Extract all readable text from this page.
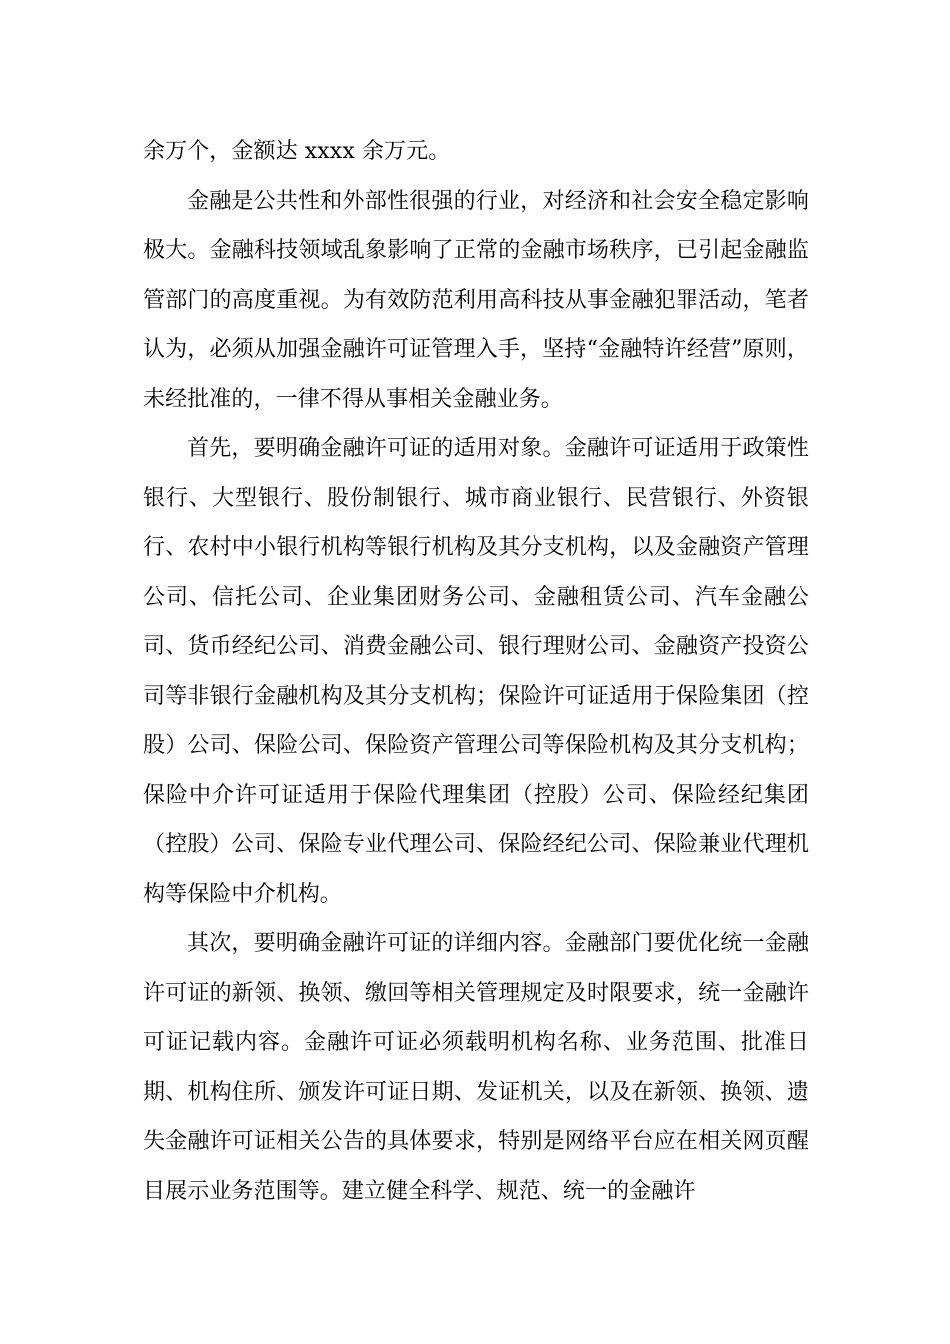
余万个，金额达 xxxx 余万元。

金融是公共性和外部性很强的行业，对经济和社会安全稳定影响极大。金融科技领域乱象影响了正常的金融市场秩序，已引起金融监管部门的高度重视。为有效防范利用高科技从事金融犯罪活动，笔者认为，必须从加强金融许可证管理入手，坚持“金融特许经营”原则，未经批准的，一律不得从事相关金融业务。

首先，要明确金融许可证的适用对象。金融许可证适用于政策性银行、大型银行、股份制银行、城市商业银行、民营银行、外资银行、农村中小银行机构等银行机构及其分支机构，以及金融资产管理公司、信托公司、企业集团财务公司、金融租赁公司、汽车金融公司、货币经纪公司、消费金融公司、银行理财公司、金融资产投资公司等非银行金融机构及其分支机构；保险许可证适用于保险集团（控股）公司、保险公司、保险资产管理公司等保险机构及其分支机构；保险中介许可证适用于保险代理集团（控股）公司、保险经纪集团（控股）公司、保险专业代理公司、保险经纪公司、保险兼业代理机构等保险中介机构。

其次，要明确金融许可证的详细内容。金融部门要优化统一金融许可证的新领、换领、缴回等相关管理规定及时限要求，统一金融许可证记载内容。金融许可证必须载明机构名称、业务范围、批准日期、机构住所、颁发许可证日期、发证机关，以及在新领、换领、遗失金融许可证相关公告的具体要求，特别是网络平台应在相关网页醒目展示业务范围等。建立健全科学、规范、统一的金融许
